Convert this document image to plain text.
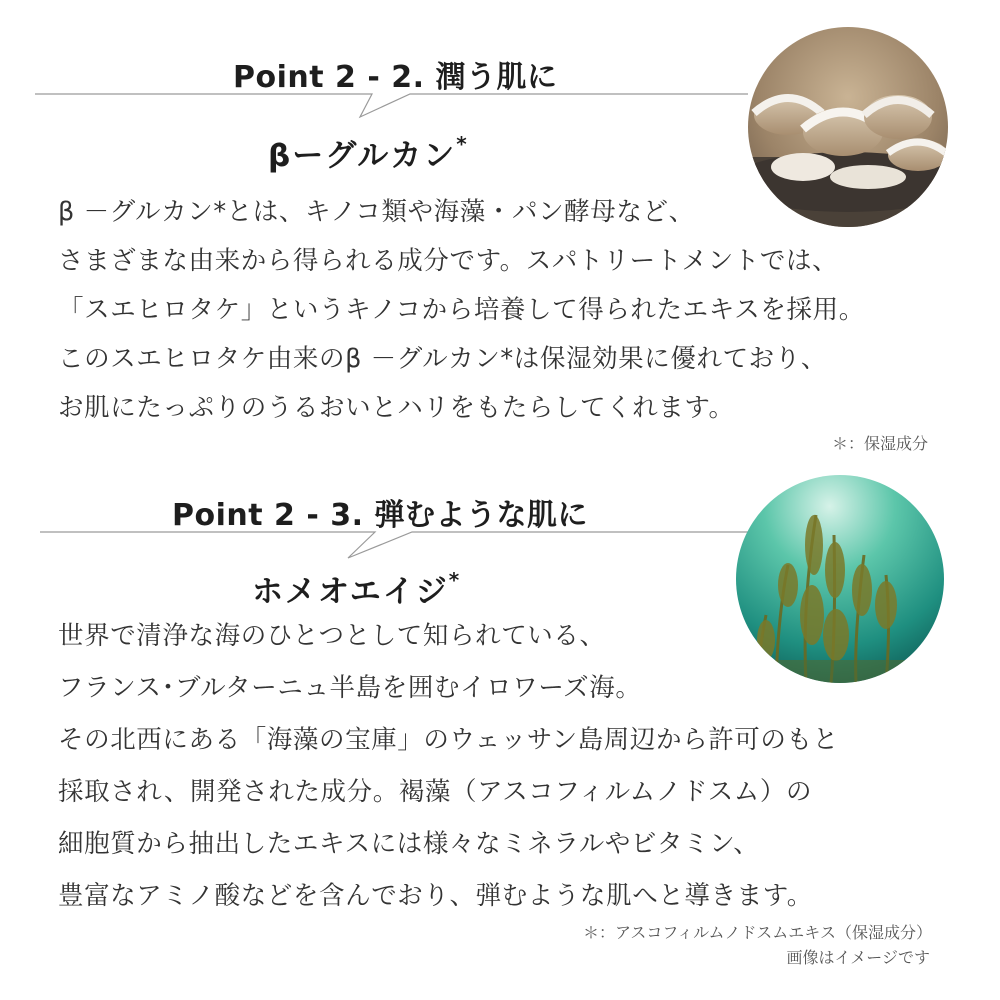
Point 2 - 2. 潤う肌に
βーグルカン*
β －グルカン*とは、キノコ類や海藻・パン酵母など、
さまざまな由来から得られる成分です。スパトリートメントでは、
「スエヒロタケ」というキノコから培養して得られたエキスを採用。
このスエヒロタケ由来のβ －グルカン*は保湿効果に優れており、
お肌にたっぷりのうるおいとハリをもたらしてくれます。
＊：保湿成分
Point 2 - 3. 弾むような肌に
ホメオエイジ*
世界で清浄な海のひとつとして知られている、
フランス･ブルターニュ半島を囲むイロワーズ海。
その北西にある「海藻の宝庫」のウェッサン島周辺から許可のもと
採取され、開発された成分。褐藻（アスコフィルムノドスム）の
細胞質から抽出したエキスには様々なミネラルやビタミン、
豊富なアミノ酸などを含んでおり、弾むような肌へと導きます。
＊：アスコフィルムノドスムエキス（保湿成分）
画像はイメージです
